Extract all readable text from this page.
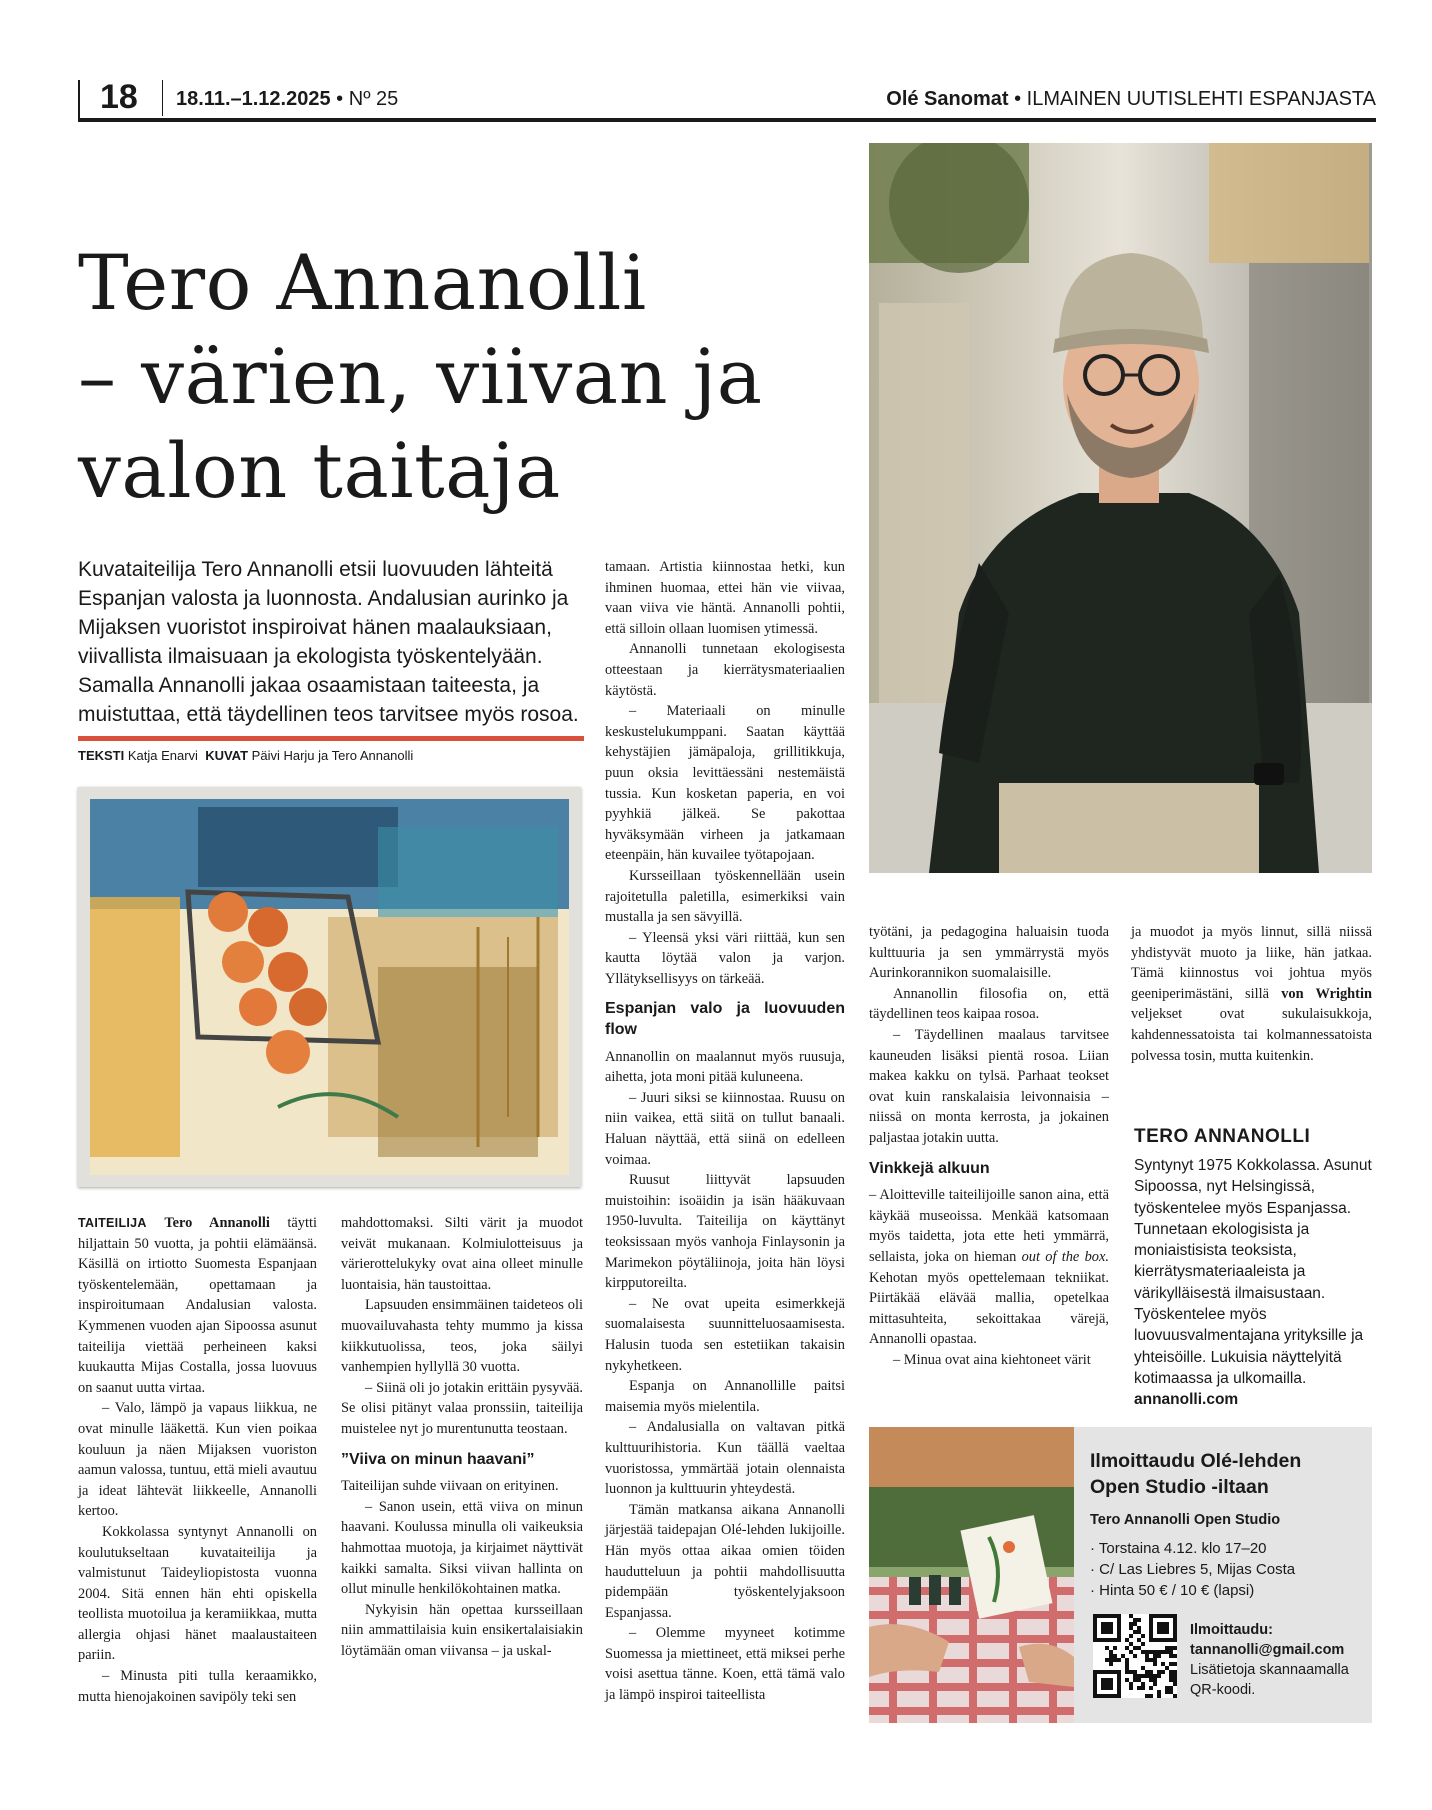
18 18.11.–1.12.2025 • Nº 25	Olé Sanomat • ILMAINEN UUTISLEHTI ESPANJASTA
Tero Annanolli
– värien, viivan ja
valon taitaja
Kuvataiteilija Tero Annanolli etsii luovuuden lähteitä Espanjan valosta ja luonnosta. Andalusian aurinko ja Mijaksen vuoristot inspiroivat hänen maalauksiaan, viivallista ilmaisuaan ja ekologista työskentelyään. Samalla Annanolli jakaa osaamistaan taiteesta, ja muistuttaa, että täydellinen teos tarvitsee myös rosoa.
TEKSTI Katja Enarvi KUVAT Päivi Harju ja Tero Annanolli

TAITEILIJA Tero Annanolli täytti hiljattain 50 vuotta, ja pohtii elämäänsä. Käsillä on irtiotto Suomesta Espanjaan työskentelemään, opettamaan ja inspiroitumaan Andalusian valosta. Kymmenen vuoden ajan Sipoossa asunut taiteilija viettää perheineen kaksi kuukautta Mijas Costalla, jossa luovuus on saanut uutta virtaa.

– Valo, lämpö ja vapaus liikkua, ne ovat minulle lääkettä. Kun vien poikaa kouluun ja näen Mijaksen vuoriston aamun valossa, tuntuu, että mieli avautuu ja ideat lähtevät liikkeelle, Annanolli kertoo.

Kokkolassa syntynyt Annanolli on koulutukseltaan kuvataiteilija ja valmistunut Taideyliopistosta vuonna 2004. Sitä ennen hän ehti opiskella teollista muotoilua ja keramiikkaa, mutta allergia ohjasi hänet maalaustaiteen pariin.

– Minusta piti tulla keraamikko, mutta hienojakoinen savipöly teki sen

mahdottomaksi. Silti värit ja muodot veivät mukanaan. Kolmiulotteisuus ja värierottelukyky ovat aina olleet minulle luontaisia, hän taustoittaa.

Lapsuuden ensimmäinen taideteos oli muovailuvahasta tehty mummo ja kissa kiikkutuolissa, teos, joka säilyi vanhempien hyllyllä 30 vuotta.

– Siinä oli jo jotakin erittäin pysyvää. Se olisi pitänyt valaa pronssiin, taiteilija muistelee nyt jo murentunutta teostaan.

”Viiva on minun haavani”

Taiteilijan suhde viivaan on erityinen.

– Sanon usein, että viiva on minun haavani. Koulussa minulla oli vaikeuksia hahmottaa muotoja, ja kirjaimet näyttivät kaikki samalta. Siksi viivan hallinta on ollut minulle henkilökohtainen matka.

Nykyisin hän opettaa kursseillaan niin ammattilaisia kuin ensikertalaisiakin löytämään oman viivansa – ja uskal-

tamaan. Artistia kiinnostaa hetki, kun ihminen huomaa, ettei hän vie viivaa, vaan viiva vie häntä. Annanolli pohtii, että silloin ollaan luomisen ytimessä.

Annanolli tunnetaan ekologisesta otteestaan ja kierrätysmateriaalien käytöstä.

– Materiaali on minulle keskustelukumppani. Saatan käyttää kehystäjien jämäpaloja, grillitikkuja, puun oksia levittäessäni nestemäistä tussia. Kun kosketan paperia, en voi pyyhkiä jälkeä. Se pakottaa hyväksymään virheen ja jatkamaan eteenpäin, hän kuvailee työtapojaan.

Kursseillaan työskennellään usein rajoitetulla paletilla, esimerkiksi vain mustalla ja sen sävyillä.

– Yleensä yksi väri riittää, kun sen kautta löytää valon ja varjon. Yllätyksellisyys on tärkeää.

Espanjan valo ja luovuuden flow

Annanollin on maalannut myös ruusuja, aihetta, jota moni pitää kuluneena.

– Juuri siksi se kiinnostaa. Ruusu on niin vaikea, että siitä on tullut banaali. Haluan näyttää, että siinä on edelleen voimaa.

Ruusut liittyvät lapsuuden muistoihin: isoäidin ja isän hääkuvaan 1950-luvulta. Taiteilija on käyttänyt teoksissaan myös vanhoja Finlaysonin ja Marimekon pöytäliinoja, joita hän löysi kirpputoreilta.

– Ne ovat upeita esimerkkejä suomalaisesta suunnitteluosaamisesta. Halusin tuoda sen estetiikan takaisin nykyhetkeen.

Espanja on Annanollille paitsi maisemia myös mielentila.

– Andalusialla on valtavan pitkä kulttuurihistoria. Kun täällä vaeltaa vuoristossa, ymmärtää jotain olennaista luonnon ja kulttuurin yhteydestä.

Tämän matkansa aikana Annanolli järjestää taidepajan Olé-lehden lukijoille. Hän myös ottaa aikaa omien töiden haudutteluun ja pohtii mahdollisuutta pidempään työskentelyjaksoon Espanjassa.

– Olemme myyneet kotimme Suomessa ja miettineet, että miksei perhe voisi asettua tänne. Koen, että tämä valo ja lämpö inspiroi taiteellista

työtäni, ja pedagogina haluaisin tuoda kulttuuria ja sen ymmärrystä myös Aurinkorannikon suomalaisille.

Annanollin filosofia on, että täydellinen teos kaipaa rosoa.

– Täydellinen maalaus tarvitsee kauneuden lisäksi pientä rosoa. Liian makea kakku on tylsä. Parhaat teokset ovat kuin ranskalaisia leivonnaisia – niissä on monta kerrosta, ja jokainen paljastaa jotakin uutta.

Vinkkejä alkuun

– Aloitteville taiteilijoille sanon aina, että käykää museoissa. Menkää katsomaan myös taidetta, jota ette heti ymmärrä, sellaista, joka on hieman out of the box. Kehotan myös opettelemaan tekniikat. Piirtäkää elävää mallia, opetelkaa mittasuhteita, sekoittakaa värejä, Annanolli opastaa.

– Minua ovat aina kiehtoneet värit

ja muodot ja myös linnut, sillä niissä yhdistyvät muoto ja liike, hän jatkaa. Tämä kiinnostus voi johtua myös geeniperimästäni, sillä von Wrightin veljekset ovat sukulaisukkoja, kahdennessatoista tai kolmannessatoista polvessa tosin, mutta kuitenkin.

TERO ANNANOLLI
Syntynyt 1975 Kokkolassa. Asunut Sipoossa, nyt Helsingissä, työskentelee myös Espanjassa. Tunnetaan ekologisista ja moniaistisista teoksista, kierrätysmateriaaleista ja värikylläisestä ilmaisustaan. Työskentelee myös luovuusvalmentajana yrityksille ja yhteisöille. Lukuisia näyttelyitä kotimaassa ja ulkomailla. annanolli.com
Ilmoittaudu Olé-lehden
Open Studio -iltaan
Tero Annanolli Open Studio
· Torstaina 4.12. klo 17–20
· C/ Las Liebres 5, Mijas Costa
· Hinta 50 € / 10 € (lapsi)
Ilmoittaudu:
tannanolli@gmail.com
Lisätietoja skannaamalla QR-koodi.
